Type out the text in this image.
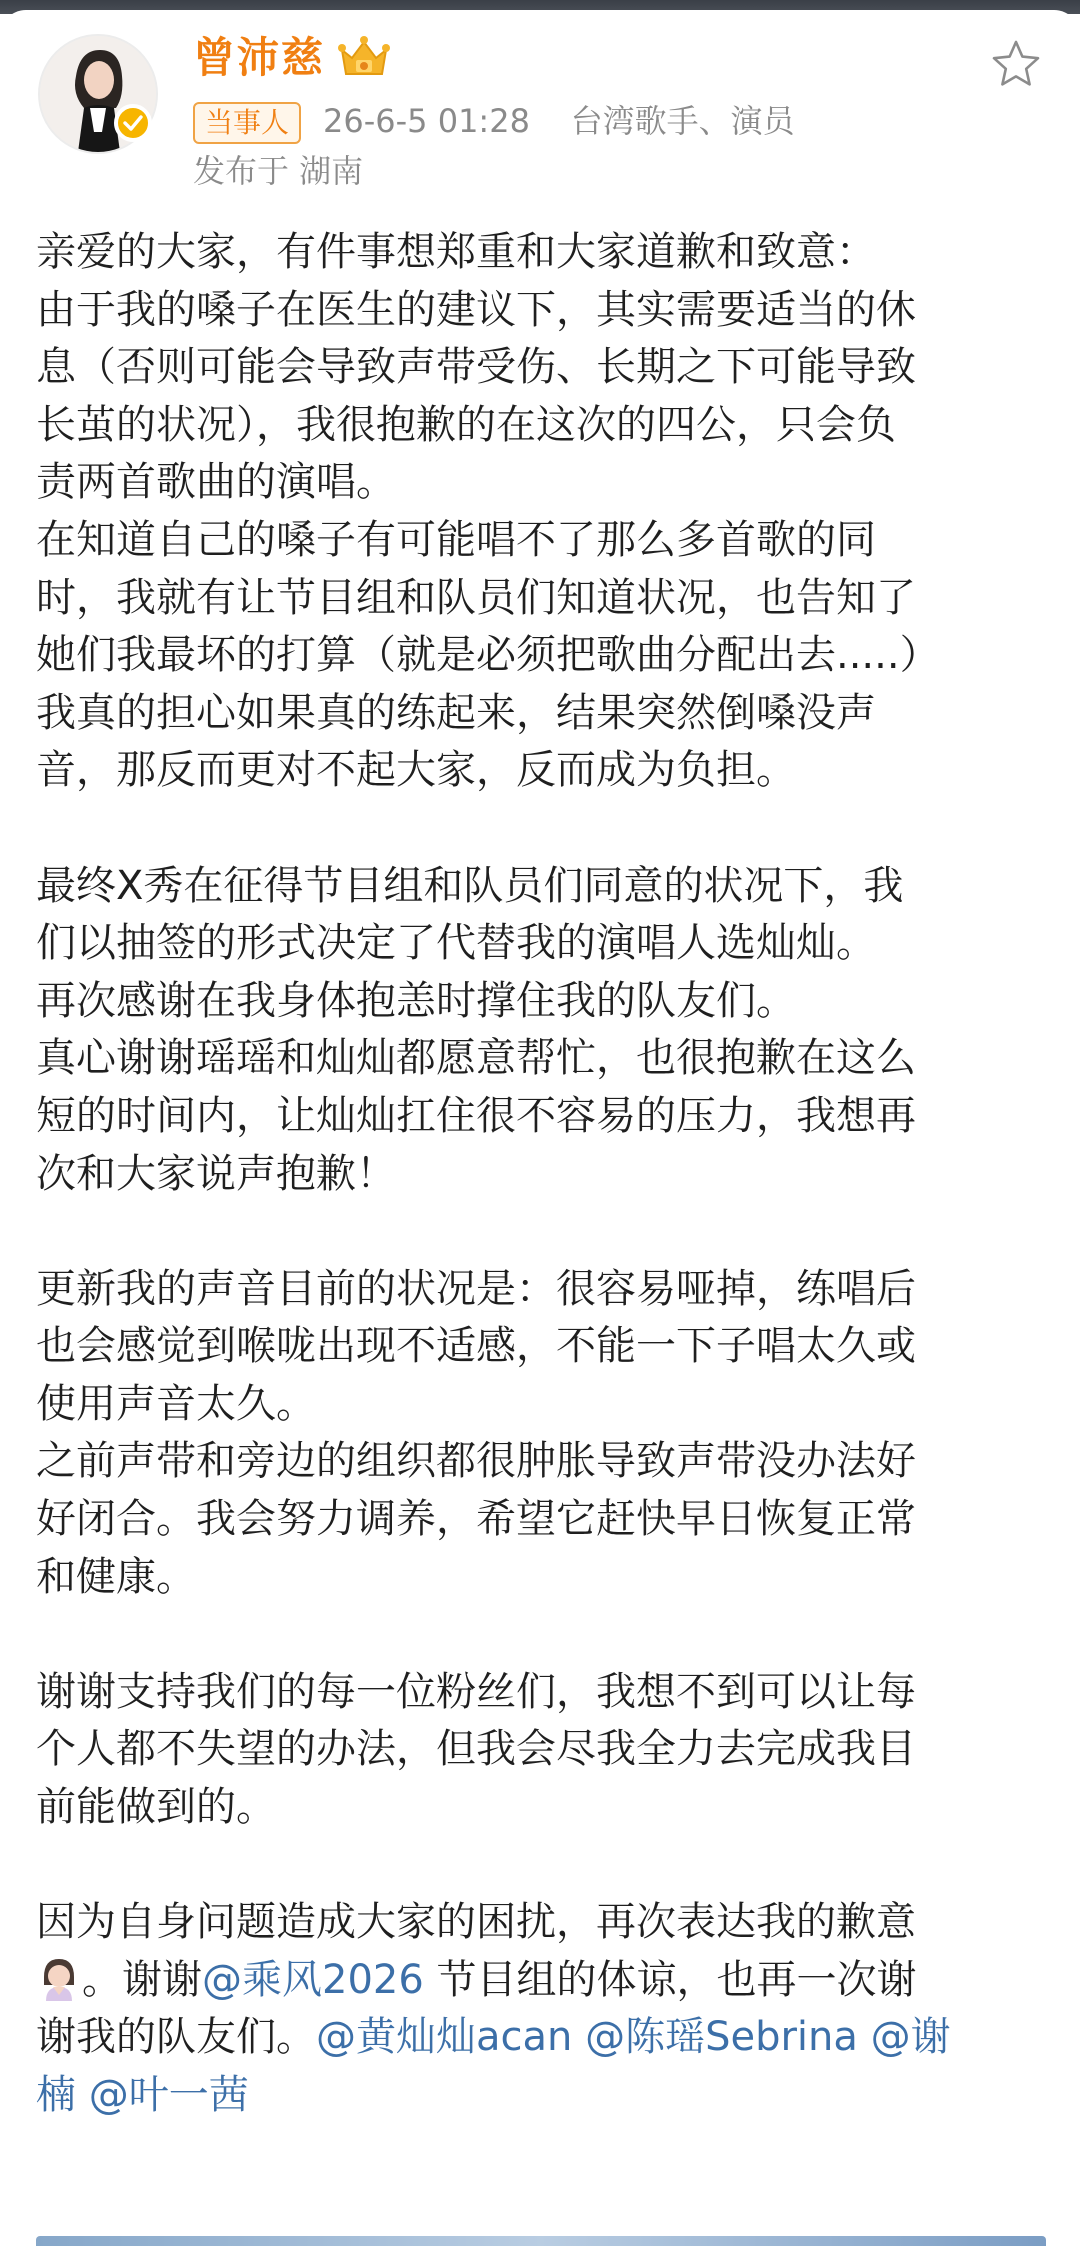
曾沛慈
当事人	26-6-5 01:28 台湾歌手、演员
发布于 湖南
亲爱的大家，有件事想郑重和大家道歉和致意：
由于我的嗓子在医生的建议下，其实需要适当的休
息（否则可能会导致声带受伤、长期之下可能导致
长茧的状况），我很抱歉的在这次的四公，只会负
责两首歌曲的演唱。
在知道自己的嗓子有可能唱不了那么多首歌的同
时，我就有让节目组和队员们知道状况，也告知了
她们我最坏的打算（就是必须把歌曲分配出去.....）
我真的担心如果真的练起来，结果突然倒嗓没声
音，那反而更对不起大家，反而成为负担。
最终X秀在征得节目组和队员们同意的状况下，我
们以抽签的形式决定了代替我的演唱人选灿灿。
再次感谢在我身体抱恙时撑住我的队友们。
真心谢谢瑶瑶和灿灿都愿意帮忙，也很抱歉在这么
短的时间内，让灿灿扛住很不容易的压力，我想再
次和大家说声抱歉！
更新我的声音目前的状况是：很容易哑掉，练唱后
也会感觉到喉咙出现不适感，不能一下子唱太久或
使用声音太久。
之前声带和旁边的组织都很肿胀导致声带没办法好
好闭合。我会努力调养，希望它赶快早日恢复正常
和健康。
谢谢支持我们的每一位粉丝们，我想不到可以让每
个人都不失望的办法，但我会尽我全力去完成我目
前能做到的。
因为自身问题造成大家的困扰，再次表达我的歉意
。谢谢@乘风2026 节目组的体谅，也再一次谢
谢我的队友们。@黄灿灿acan @陈瑶Sebrina @谢
楠 @叶一茜
